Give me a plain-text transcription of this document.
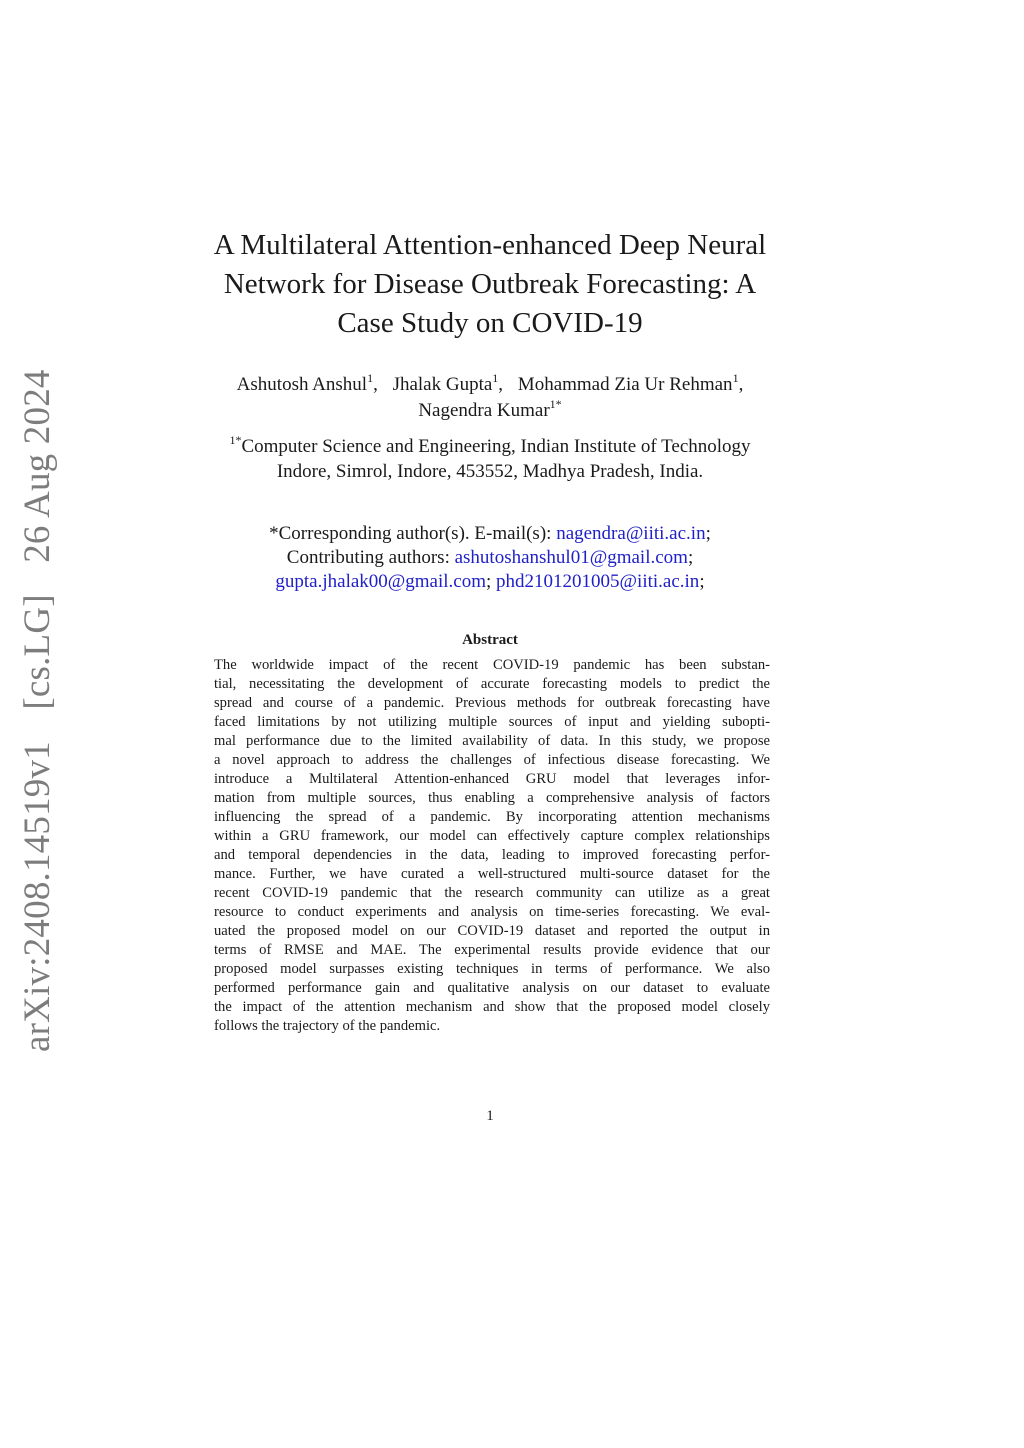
arXiv:2408.14519v1 [cs.LG] 26 Aug 2024
A Multilateral Attention-enhanced Deep Neural
Network for Disease Outbreak Forecasting: A
Case Study on COVID-19
Ashutosh Anshul$^1$, Jhalak Gupta$^1$, Mohammad Zia Ur Rehman$^1$,
Nagendra Kumar$^{1*}$
$^{1*}$Computer Science and Engineering, Indian Institute of Technology
Indore, Simrol, Indore, 453552, Madhya Pradesh, India.
*Corresponding author(s). E-mail(s): nagendra@iiti.ac.in;
Contributing authors: ashutoshanshul01@gmail.com;
gupta.jhalak00@gmail.com; phd2101201005@iiti.ac.in;
Abstract
The worldwide impact of the recent COVID-19 pandemic has been substan-
tial, necessitating the development of accurate forecasting models to predict the
spread and course of a pandemic. Previous methods for outbreak forecasting have
faced limitations by not utilizing multiple sources of input and yielding subopti-
mal performance due to the limited availability of data. In this study, we propose
a novel approach to address the challenges of infectious disease forecasting. We
introduce a Multilateral Attention-enhanced GRU model that leverages infor-
mation from multiple sources, thus enabling a comprehensive analysis of factors
influencing the spread of a pandemic. By incorporating attention mechanisms
within a GRU framework, our model can effectively capture complex relationships
and temporal dependencies in the data, leading to improved forecasting perfor-
mance. Further, we have curated a well-structured multi-source dataset for the
recent COVID-19 pandemic that the research community can utilize as a great
resource to conduct experiments and analysis on time-series forecasting. We eval-
uated the proposed model on our COVID-19 dataset and reported the output in
terms of RMSE and MAE. The experimental results provide evidence that our
proposed model surpasses existing techniques in terms of performance. We also
performed performance gain and qualitative analysis on our dataset to evaluate
the impact of the attention mechanism and show that the proposed model closely
follows the trajectory of the pandemic.
1
